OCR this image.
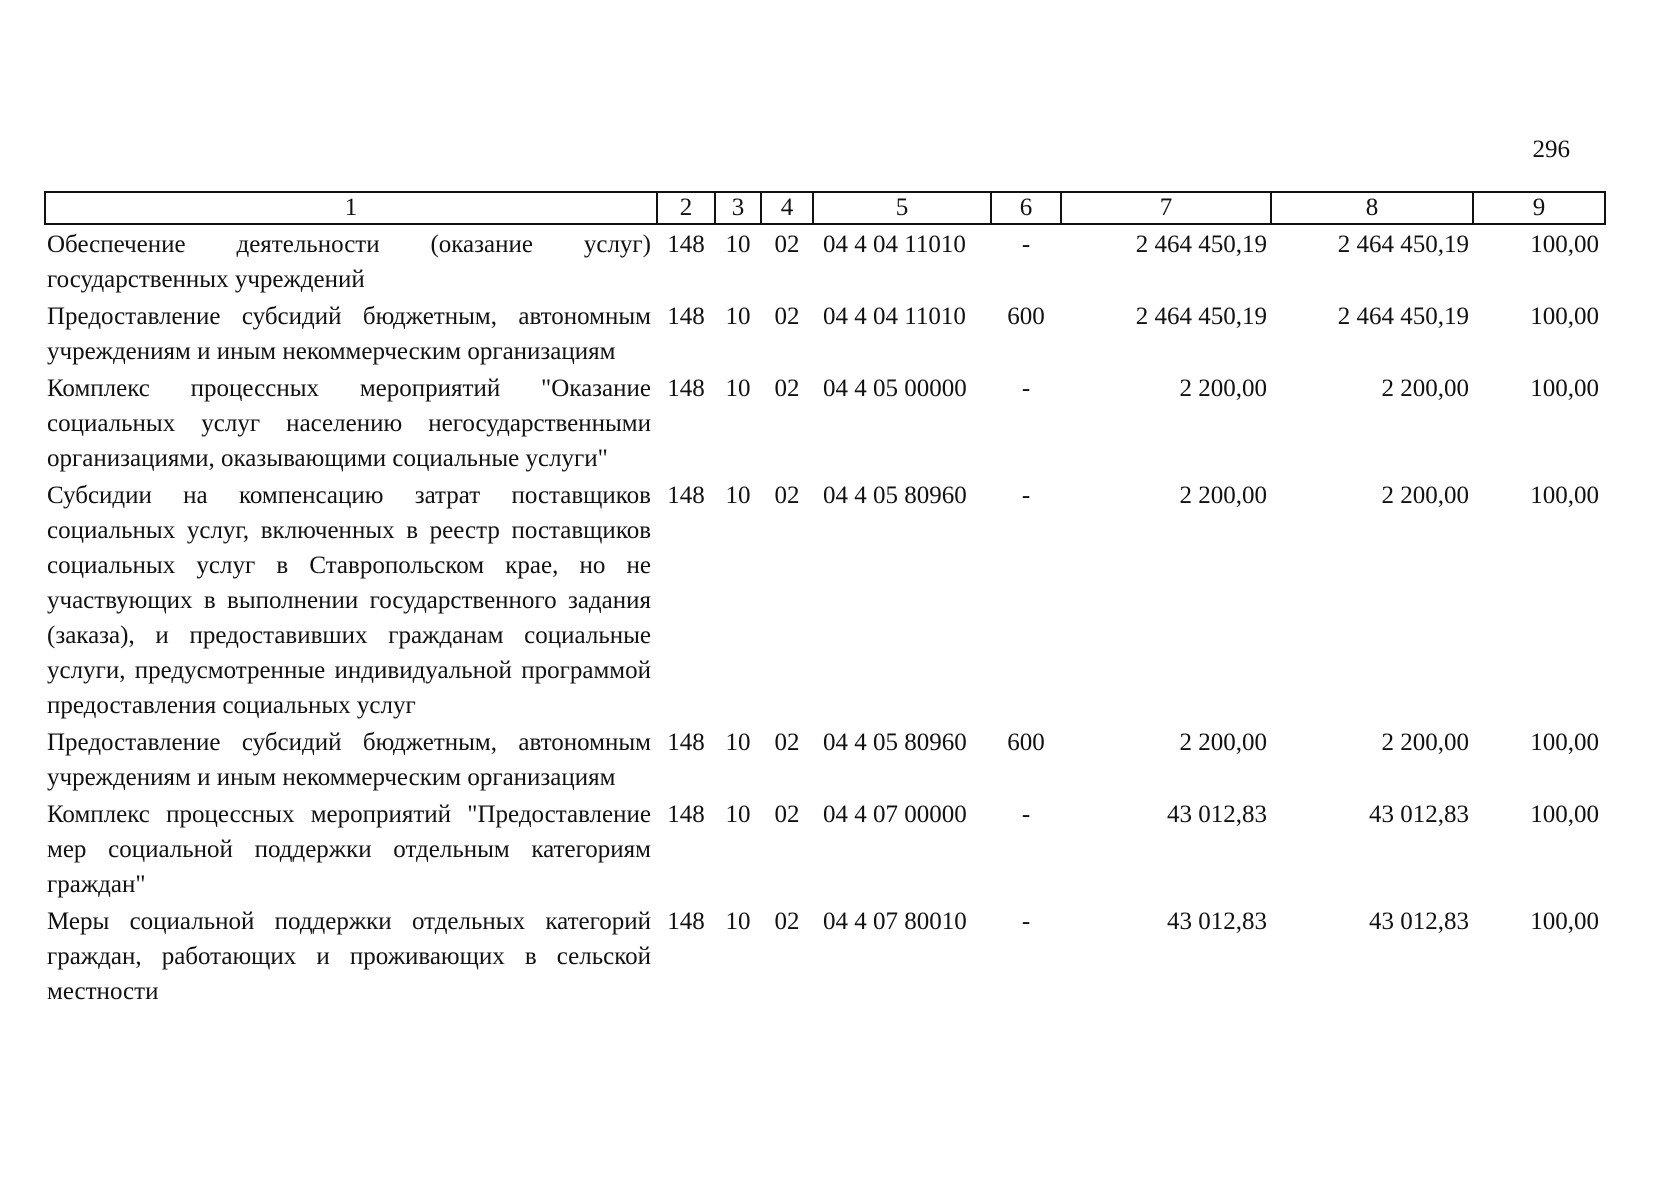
296
1	2	3	4	5	6	7	8	9
Обеспечение деятельности (оказание услуг) государственных учреждений	148	10	02	04 4 04 11010	-	2 464 450,19	2 464 450,19	100,00
Предоставление субсидий бюджетным, автономным учреждениям и иным некоммерческим организациям	148	10	02	04 4 04 11010	600	2 464 450,19	2 464 450,19	100,00
Комплекс процессных мероприятий "Оказание социальных услуг населению негосударственными организациями, оказывающими социальные услуги"	148	10	02	04 4 05 00000	-	2 200,00	2 200,00	100,00
Субсидии на компенсацию затрат поставщиков социальных услуг, включенных в реестр поставщиков социальных услуг в Ставропольском крае, но не участвующих в выполнении государственного задания (заказа), и предоставивших гражданам социальные услуги, предусмотренные индивидуальной программой предоставления социальных услуг	148	10	02	04 4 05 80960	-	2 200,00	2 200,00	100,00
Предоставление субсидий бюджетным, автономным учреждениям и иным некоммерческим организациям	148	10	02	04 4 05 80960	600	2 200,00	2 200,00	100,00
Комплекс процессных мероприятий "Предоставление мер социальной поддержки отдельным категориям граждан"	148	10	02	04 4 07 00000	-	43 012,83	43 012,83	100,00
Меры социальной поддержки отдельных категорий граждан, работающих и проживающих в сельской местности	148	10	02	04 4 07 80010	-	43 012,83	43 012,83	100,00
